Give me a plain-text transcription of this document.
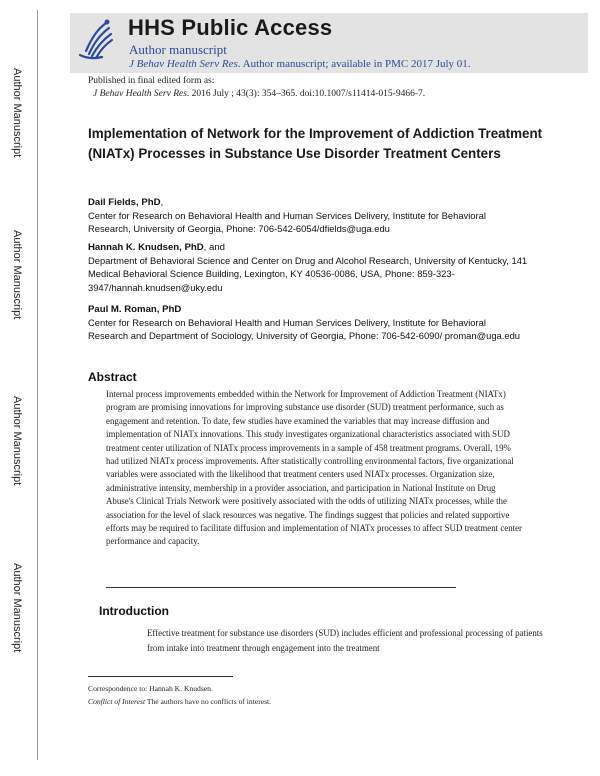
Author Manuscript
Author Manuscript
Author Manuscript
Author Manuscript
HHS Public Access
Author manuscript
J Behav Health Serv Res. Author manuscript; available in PMC 2017 July 01.
Published in final edited form as:
J Behav Health Serv Res. 2016 July ; 43(3): 354–365. doi:10.1007/s11414-015-9466-7.
Implementation of Network for the Improvement of Addiction Treatment (NIATx) Processes in Substance Use Disorder Treatment Centers
Dail Fields, PhD,
Center for Research on Behavioral Health and Human Services Delivery, Institute for Behavioral Research, University of Georgia, Phone: 706-542-6054/dfields@uga.edu
Hannah K. Knudsen, PhD, and
Department of Behavioral Science and Center on Drug and Alcohol Research, University of Kentucky, 141 Medical Behavioral Science Building, Lexington, KY 40536-0086, USA, Phone: 859-323-3947/hannah.knudsen@uky.edu
Paul M. Roman, PhD
Center for Research on Behavioral Health and Human Services Delivery, Institute for Behavioral Research and Department of Sociology, University of Georgia, Phone: 706-542-6090/ proman@uga.edu
Abstract
Internal process improvements embedded within the Network for Improvement of Addiction Treatment (NIATx) program are promising innovations for improving substance use disorder (SUD) treatment performance, such as engagement and retention. To date, few studies have examined the variables that may increase diffusion and implementation of NIATx innovations. This study investigates organizational characteristics associated with SUD treatment center utilization of NIATx process improvements in a sample of 458 treatment programs. Overall, 19% had utilized NIATx process improvements. After statistically controlling environmental factors, five organizational variables were associated with the likelihood that treatment centers used NIATx processes. Organization size, administrative intensity, membership in a provider association, and participation in National Institute on Drug Abuse's Clinical Trials Network were positively associated with the odds of utilizing NIATx processes, while the association for the level of slack resources was negative. The findings suggest that policies and related supportive efforts may be required to facilitate diffusion and implementation of NIATx processes to affect SUD treatment center performance and capacity.
Introduction
Effective treatment for substance use disorders (SUD) includes efficient and professional processing of patients from intake into treatment through engagement into the treatment
Correspondence to: Hannah K. Knudsen.
Conflict of Interest The authors have no conflicts of interest.
